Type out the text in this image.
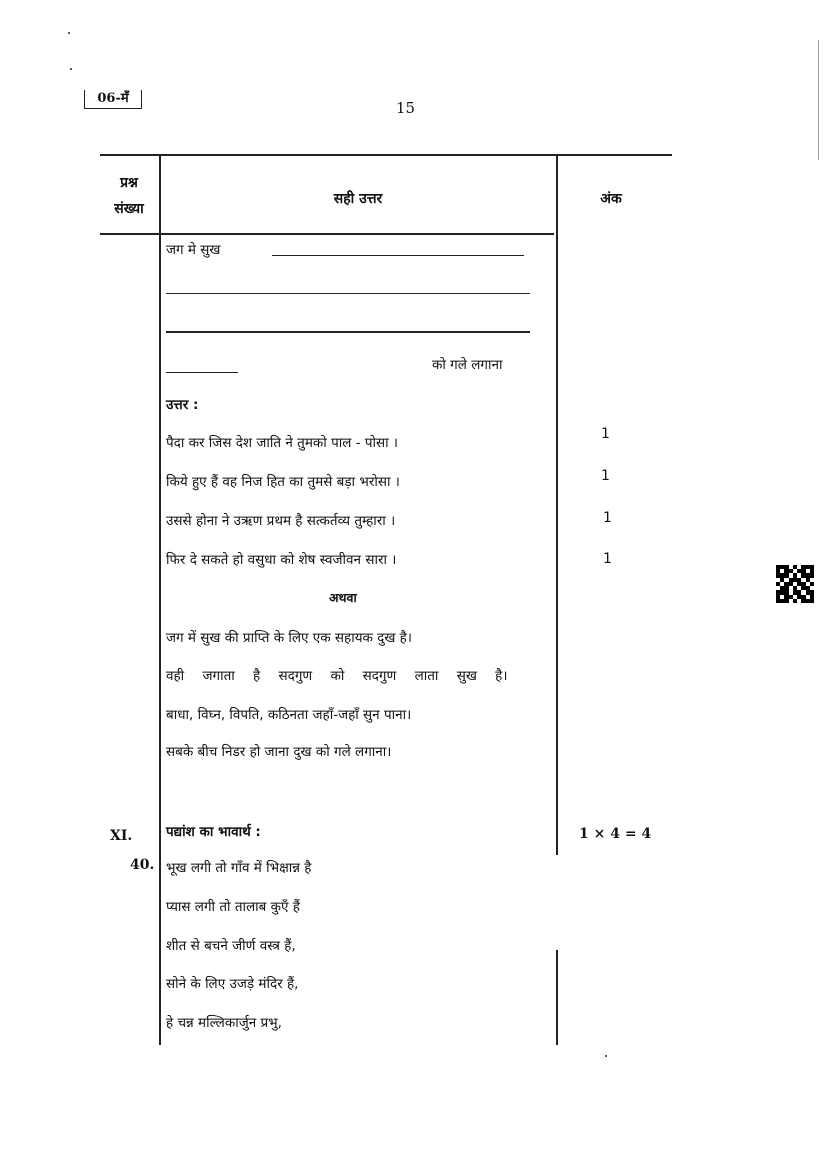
06-मँ
15
प्रश्न
संख्या
सही उत्तर	अंक
जग मे सुख
को गले लगाना
उत्तर :
पैदा कर जिस देश जाति ने तुमको पाल - पोसा ।
किये हुए हैं वह निज हित का तुमसे बड़ा भरोसा ।
उससे होना ने उऋण प्रथम है सत्कर्तव्य तुम्हारा ।
फिर दे सकते हो वसुधा को शेष स्वजीवन सारा ।
1
1
1
1
अथवा
जग में सुख की प्राप्ति के लिए एक सहायक दुख है।
वही जगाता है सदगुण को सदगुण लाता सुख है।
बाधा, विघ्न, विपति, कठिनता जहाँ-जहाँ सुन पाना।
सबके बीच निडर हो जाना दुख को गले लगाना।
XI.
40.
पद्यांश का भावार्थ :	1 × 4 = 4
भूख लगी तो गाँव में भिक्षान्न है
प्यास लगी तो तालाब कुएँ हैं
शीत से बचने जीर्ण वस्त्र हैं,
सोने के लिए उजड़े मंदिर हैं,
हे चन्न मल्लिकार्जुन प्रभु,
